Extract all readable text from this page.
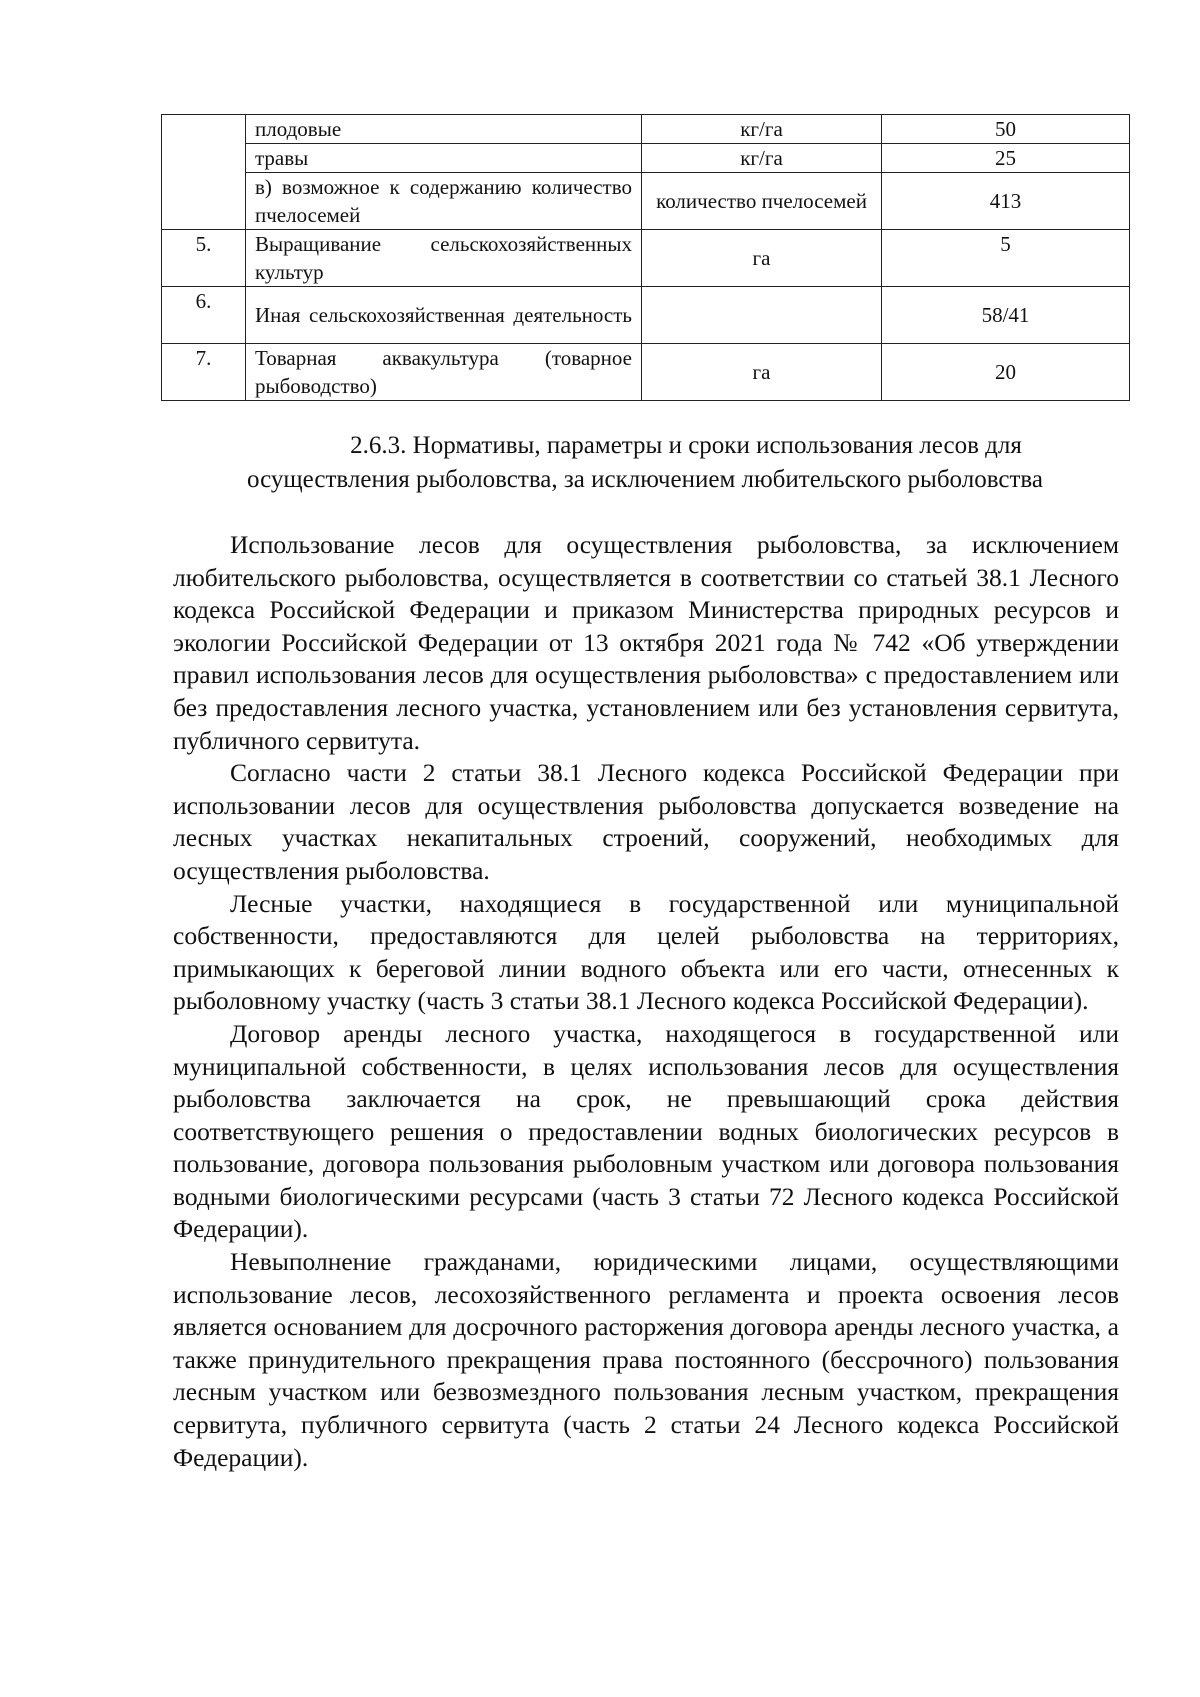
	плодовые	кг/га	50
	травы	кг/га	25
	в) возможное к содержанию количество пчелосемей	количество пчелосемей	413
5.	Выращивание сельскохозяйственных культур	га	5
6.	Иная сельскохозяйственная деятельность		58/41
7.	Товарная аквакультура (товарное рыбоводство)	га	20
2.6.3. Нормативы, параметры и сроки использования лесов для
осуществления рыболовства, за исключением любительского рыболовства

Использование лесов для осуществления рыболовства, за исключением любительского рыболовства, осуществляется в соответствии со статьей 38.1 Лесного кодекса Российской Федерации и приказом Министерства природных ресурсов и экологии Российской Федерации от 13 октября 2021 года № 742 «Об утверждении правил использования лесов для осуществления рыболовства» с предоставлением или без предоставления лесного участка, установлением или без установления сервитута, публичного сервитута.

Согласно части 2 статьи 38.1 Лесного кодекса Российской Федерации при использовании лесов для осуществления рыболовства допускается возведение на лесных участках некапитальных строений, сооружений, необходимых для осуществления рыболовства.

Лесные участки, находящиеся в государственной или муниципальной собственности, предоставляются для целей рыболовства на территориях, примыкающих к береговой линии водного объекта или его части, отнесенных к рыболовному участку (часть 3 статьи 38.1 Лесного кодекса Российской Федерации).

Договор аренды лесного участка, находящегося в государственной или муниципальной собственности, в целях использования лесов для осуществления рыболовства заключается на срок, не превышающий срока действия соответствующего решения о предоставлении водных биологических ресурсов в пользование, договора пользования рыболовным участком или договора пользования водными биологическими ресурсами (часть 3 статьи 72 Лесного кодекса Российской Федерации).

Невыполнение гражданами, юридическими лицами, осуществляющими использование лесов, лесохозяйственного регламента и проекта освоения лесов является основанием для досрочного расторжения договора аренды лесного участка, а также принудительного прекращения права постоянного (бессрочного) пользования лесным участком или безвозмездного пользования лесным участком, прекращения сервитута, публичного сервитута (часть 2 статьи 24 Лесного кодекса Российской Федерации).
